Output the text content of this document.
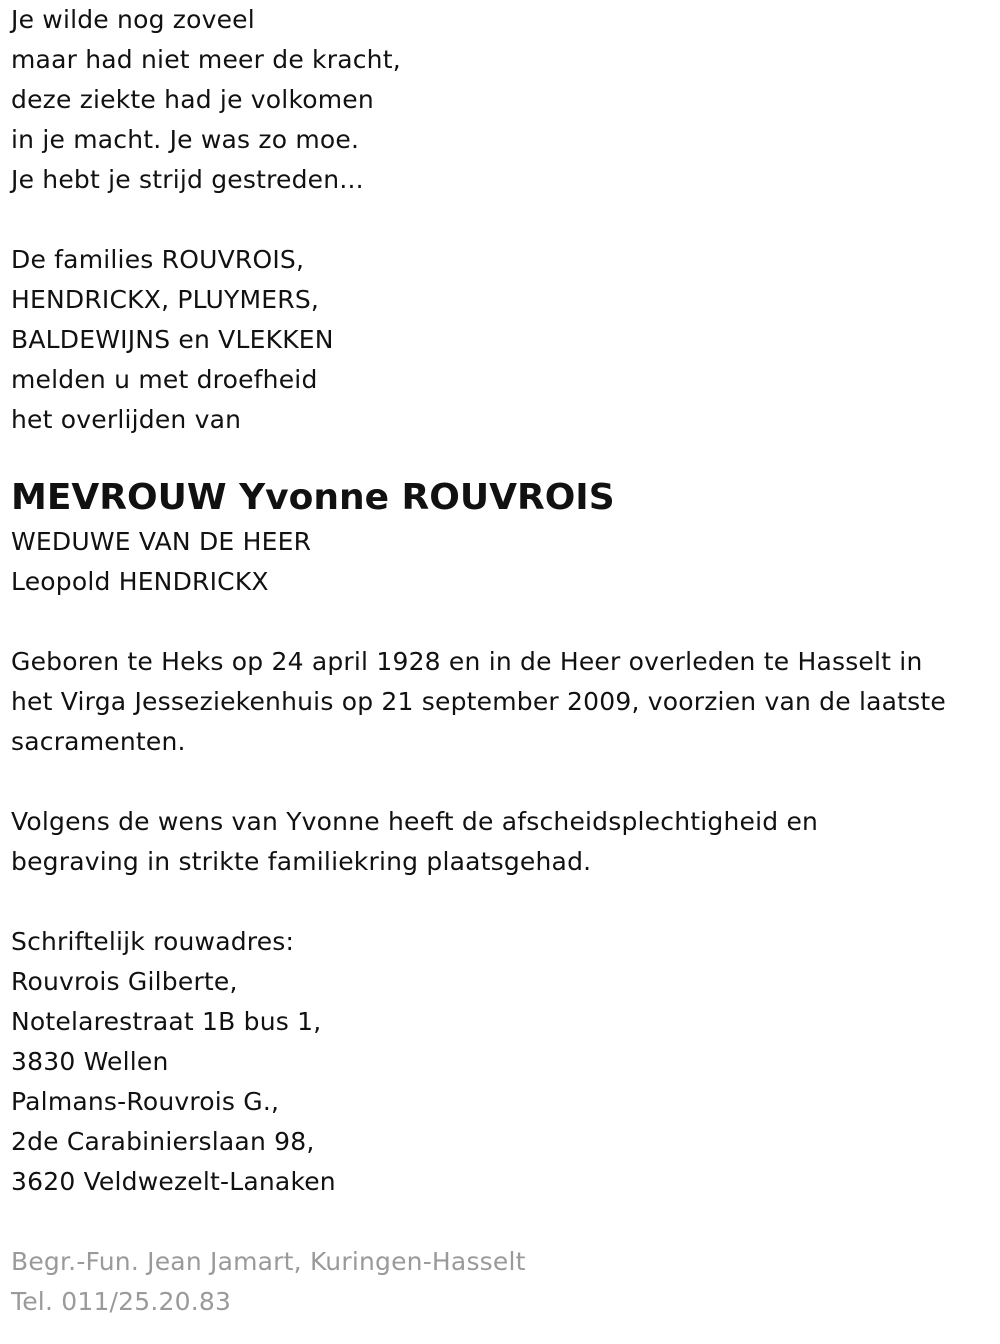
Je wilde nog zoveel
maar had niet meer de kracht,
deze ziekte had je volkomen
in je macht. Je was zo moe.
Je hebt je strijd gestreden...
De families ROUVROIS,
HENDRICKX, PLUYMERS,
BALDEWIJNS en VLEKKEN
melden u met droefheid
het overlijden van
MEVROUW Yvonne ROUVROIS
WEDUWE VAN DE HEER
Leopold HENDRICKX
Geboren te Heks op 24 april 1928 en in de Heer overleden te Hasselt in
het Virga Jesseziekenhuis op 21 september 2009, voorzien van de laatste
sacramenten.
Volgens de wens van Yvonne heeft de afscheidsplechtigheid en
begraving in strikte familiekring plaatsgehad.
Schriftelijk rouwadres:
Rouvrois Gilberte,
Notelarestraat 1B bus 1,
3830 Wellen
Palmans-Rouvrois G.,
2de Carabinierslaan 98,
3620 Veldwezelt-Lanaken
Begr.-Fun. Jean Jamart, Kuringen-Hasselt
Tel. 011/25.20.83
